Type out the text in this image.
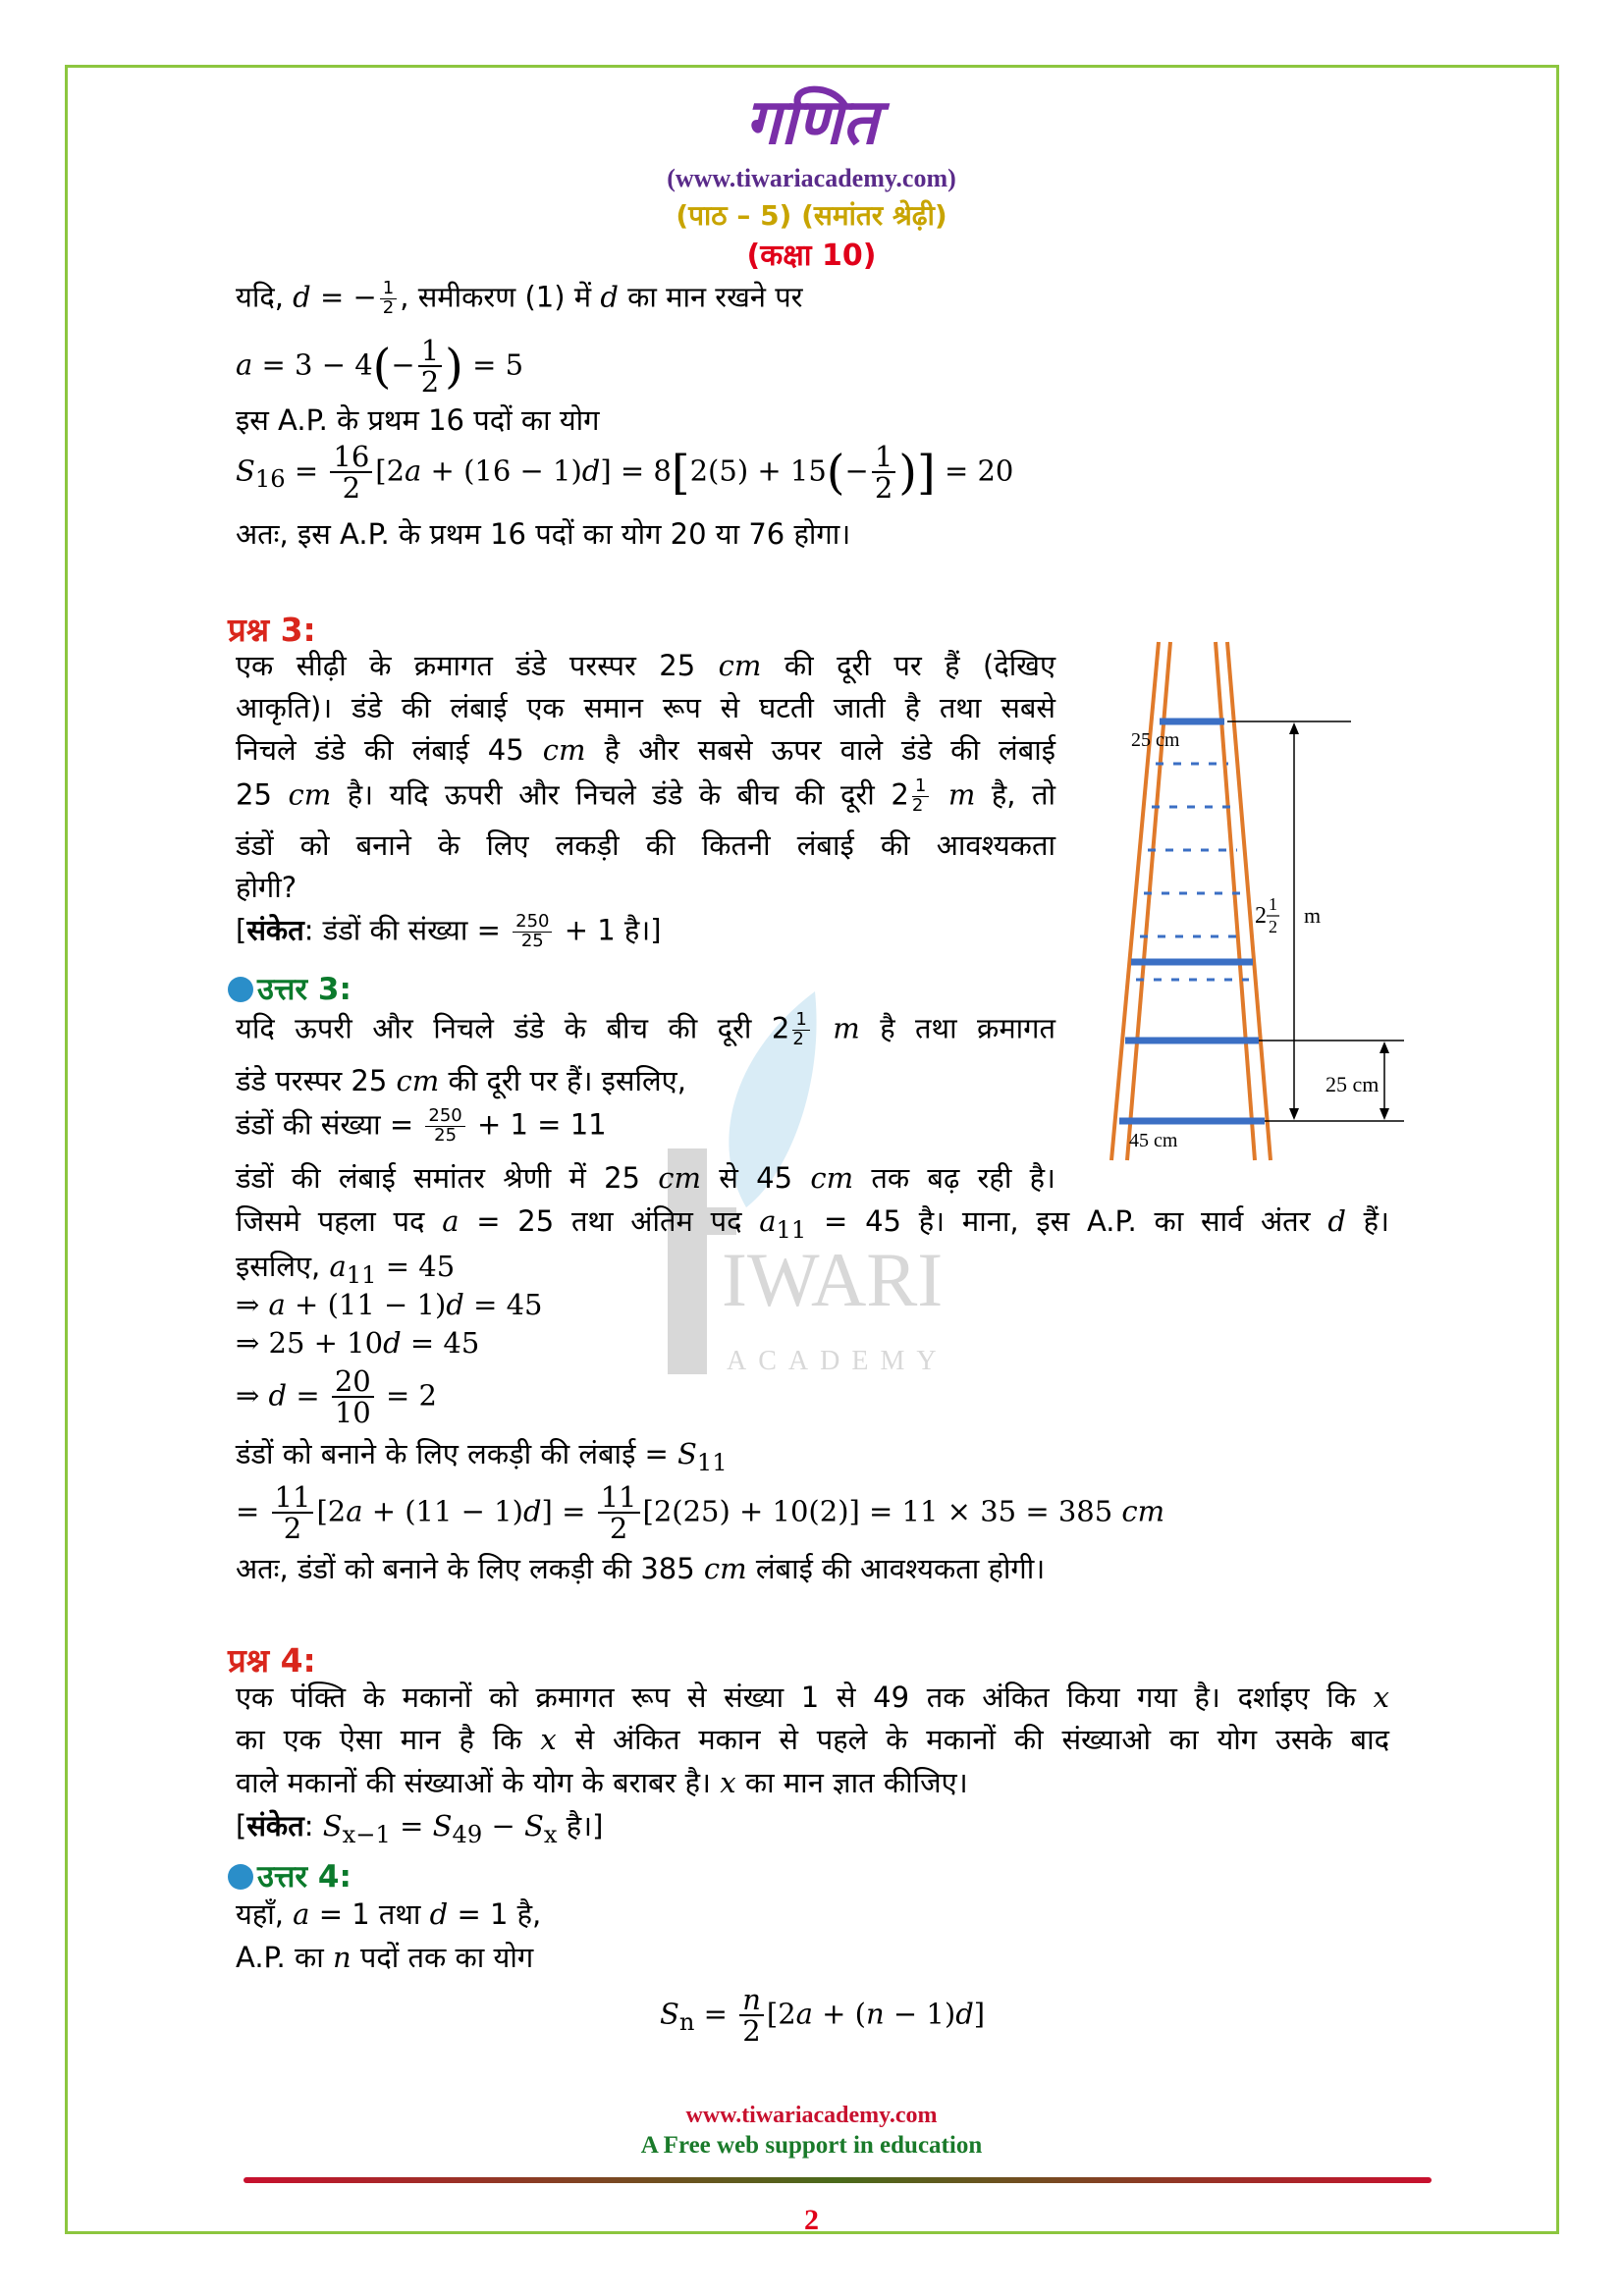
IWARI
ACADEMY
गणित
(www.tiwariacademy.com)
(पाठ – 5) (समांतर श्रेढ़ी)
(कक्षा 10)
यदि, d = − $\frac{1}{2}$ , समीकरण (1) में d का मान रखने पर
$a = 3 - 4(- \frac{1}{2}$ ) = 5
इस A.P. के प्रथम 16 पदों का योग
$S_{16} = \frac{16}{2} [2a + (16 - 1)d] = 8[2(5) + 15(- \frac{1}{2}$ )] = 20
अतः, इस A.P. के प्रथम 16 पदों का योग 20 या 76 होगा।
प्रश्न 3:
एक सीढ़ी के क्रमागत डंडे परस्पर 25 cm की दूरी पर हैं (देखिए
आकृति)। डंडे की लंबाई एक समान रूप से घटती जाती है तथा सबसे
निचले डंडे की लंबाई 45 cm है और सबसे ऊपर वाले डंडे की लंबाई
25 cm है। यदि ऊपरी और निचले डंडे के बीच की दूरी $2 \frac{1}{2}$ m है, तो
डंडों को बनाने के लिए लकड़ी की कितनी लंबाई की आवश्यकता
होगी?
[संकेत: डंडों की संख्या = $\frac{250}{25} + 1$ है।]
उत्तर 3:
यदि ऊपरी और निचले डंडे के बीच की दूरी $2 \frac{1}{2}$ m है तथा क्रमागत
डंडे परस्पर 25 cm की दूरी पर हैं। इसलिए,
डंडों की संख्या = $\frac{250}{25} + 1 = 11$
डंडों की लंबाई समांतर श्रेणी में 25 cm से 45 cm तक बढ़ रही है।
जिसमे पहला पद a = 25 तथा अंतिम पद $a_{11} = 45$ है। माना, इस A.P. का सार्व अंतर d हैं।
इसलिए, $a_{11} = 45$
⇒ a + (11 − 1)d = 45
⇒ 25 + 10d = 45
⇒ $d = \frac{20}{10} = 2$
डंडों को बनाने के लिए लकड़ी की लंबाई = $S_{11}$
= $\frac{11}{2} [2a + (11 - 1)d] = \frac{11}{2} [2(25) + 10(2)] = 11 \times 35 = 385$ cm
अतः, डंडों को बनाने के लिए लकड़ी की 385 cm लंबाई की आवश्यकता होगी।
25 cm
2 1
2 m
25 cm
45 cm
प्रश्न 4:
एक पंक्ति के मकानों को क्रमागत रूप से संख्या 1 से 49 तक अंकित किया गया है। दर्शाइए कि x
का एक ऐसा मान है कि x से अंकित मकान से पहले के मकानों की संख्याओ का योग उसके बाद
वाले मकानों की संख्याओं के योग के बराबर है। x का मान ज्ञात कीजिए।
[संकेत: $S_{x-1} = S_{49} - S_x$ है।]
उत्तर 4:
यहाँ, a = 1 तथा d = 1 है,
A.P. का n पदों तक का योग
$S_n = \frac{n}{2} [2a + (n - 1)d]$
www.tiwariacademy.com
A Free web support in education
2
